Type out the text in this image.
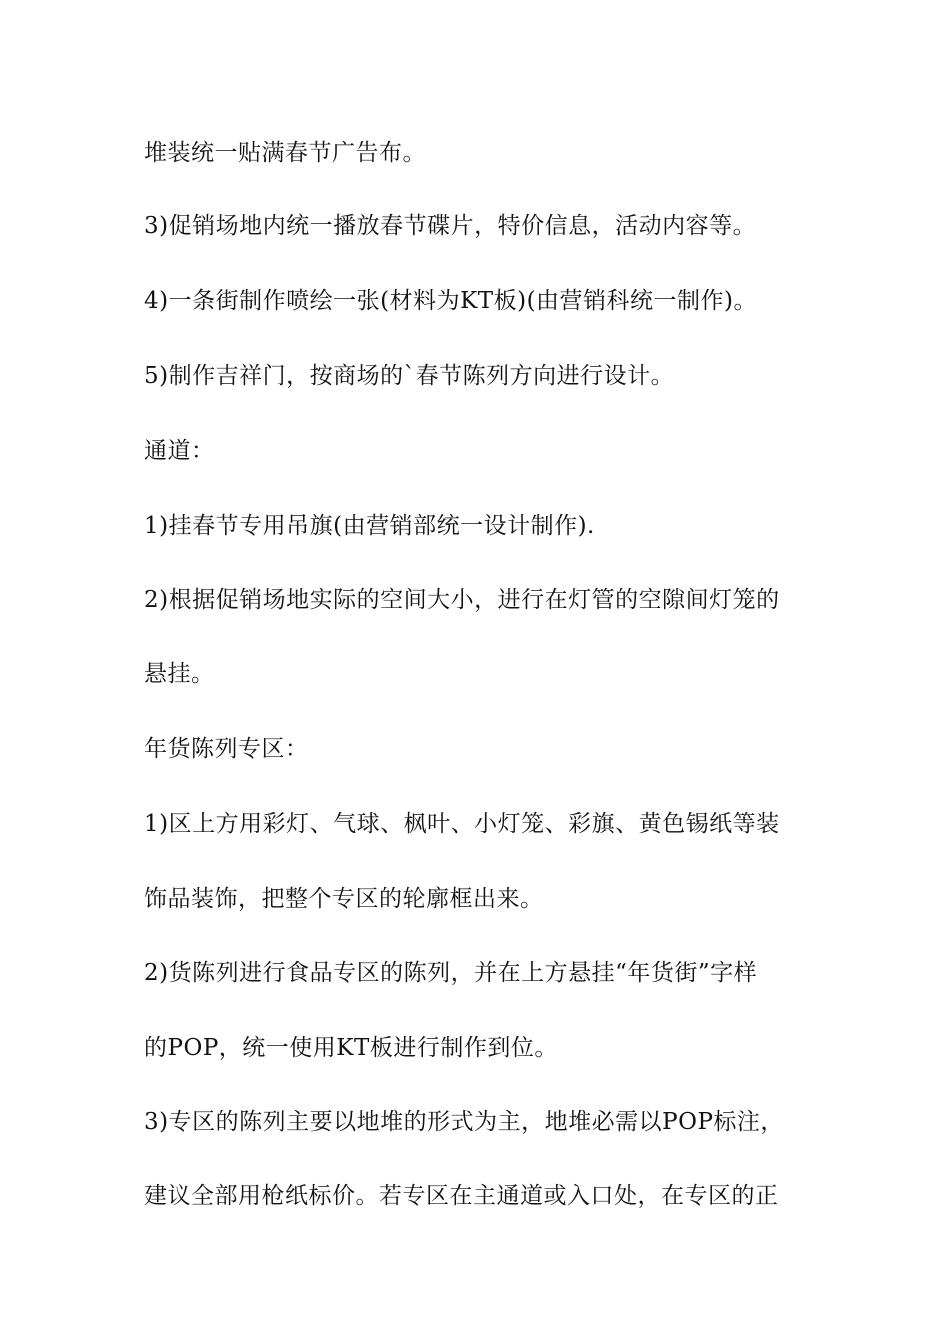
堆装统一贴满春节广告布。
3)促销场地内统一播放春节碟片，特价信息，活动内容等。
4)一条街制作喷绘一张(材料为KT板)(由营销科统一制作)。
5)制作吉祥门，按商场的`春节陈列方向进行设计。
通道：
1)挂春节专用吊旗(由营销部统一设计制作).
2)根据促销场地实际的空间大小，进行在灯管的空隙间灯笼的
悬挂。
年货陈列专区：
1)区上方用彩灯、气球、枫叶、小灯笼、彩旗、黄色锡纸等装
饰品装饰，把整个专区的轮廓框出来。
2)货陈列进行食品专区的陈列，并在上方悬挂“年货街”字样
的POP，统一使用KT板进行制作到位。
3)专区的陈列主要以地堆的形式为主，地堆必需以POP标注，
建议全部用枪纸标价。若专区在主通道或入口处，在专区的正
